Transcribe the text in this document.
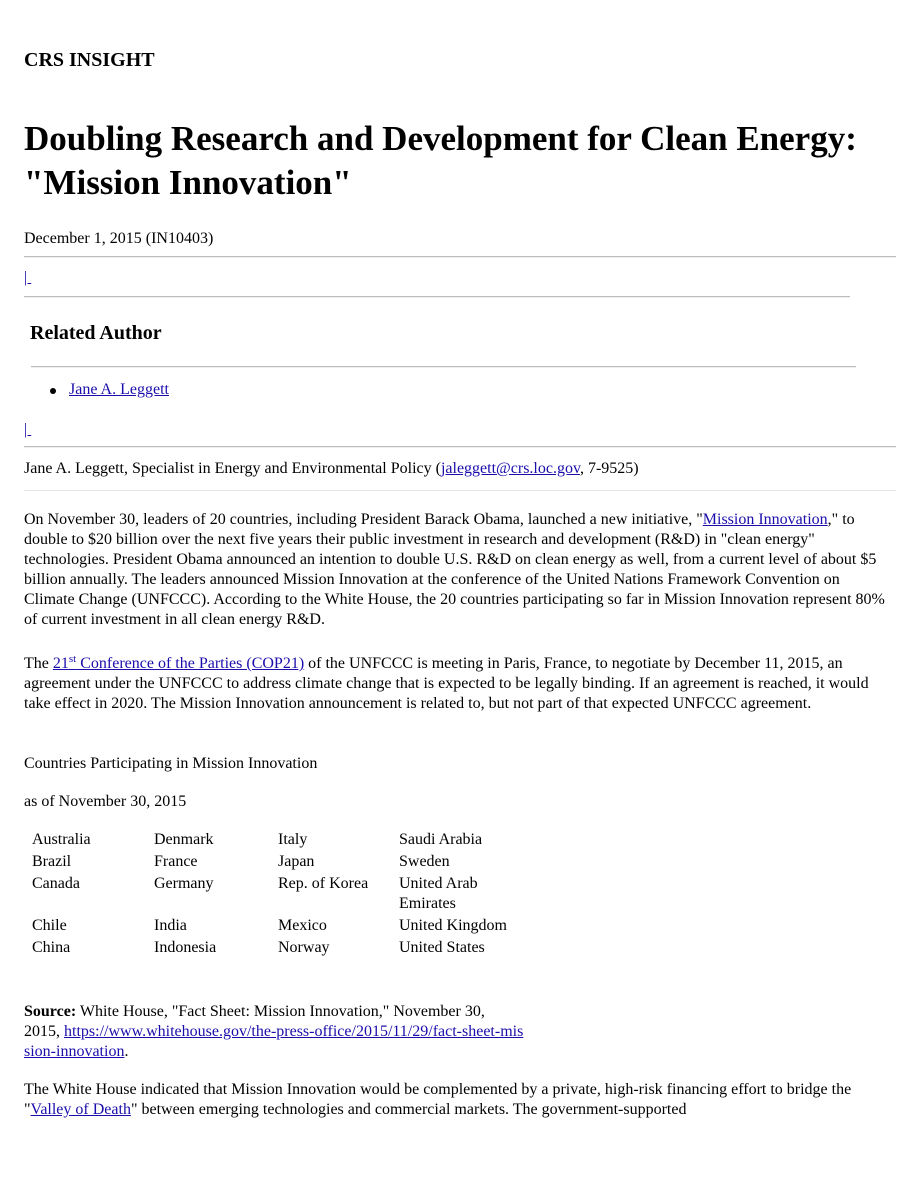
CRS INSIGHT
Doubling Research and Development for Clean Energy: "Mission Innovation"
December 1, 2015 (IN10403)
|
Related Author
Jane A. Leggett
|
Jane A. Leggett, Specialist in Energy and Environmental Policy (jaleggett@crs.loc.gov, 7-9525)

On November 30, leaders of 20 countries, including President Barack Obama, launched a new initiative, "Mission Innovation," to double to $20 billion over the next five years their public investment in research and development (R&D) in "clean energy" technologies. President Obama announced an intention to double U.S. R&D on clean energy as well, from a current level of about $5 billion annually. The leaders announced Mission Innovation at the conference of the United Nations Framework Convention on Climate Change (UNFCCC). According to the White House, the 20 countries participating so far in Mission Innovation represent 80% of current investment in all clean energy R&D.

The 21st Conference of the Parties (COP21) of the UNFCCC is meeting in Paris, France, to negotiate by December 11, 2015, an agreement under the UNFCCC to address climate change that is expected to be legally binding. If an agreement is reached, it would take effect in 2020. The Mission Innovation announcement is related to, but not part of that expected UNFCCC agreement.

Countries Participating in Mission Innovation
as of November 30, 2015
Australia	Denmark	Italy	Saudi Arabia
Brazil	France	Japan	Sweden
Canada	Germany	Rep. of Korea	United Arab Emirates
Chile	India	Mexico	United Kingdom
China	Indonesia	Norway	United States
Source: White House, "Fact Sheet: Mission Innovation," November 30, 2015, https://www.whitehouse.gov/the-press-office/2015/11/29/fact-sheet-mission-innovation.

The White House indicated that Mission Innovation would be complemented by a private, high-risk financing effort to bridge the "Valley of Death" between emerging technologies and commercial markets. The government-supported
